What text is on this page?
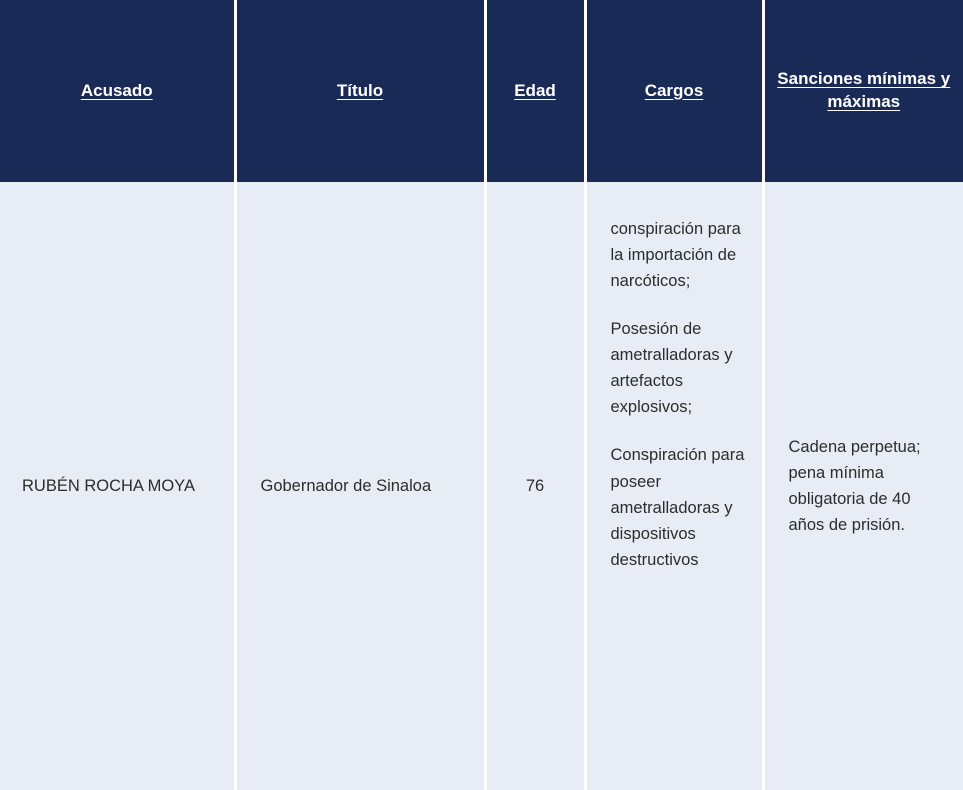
Acusado	Título	Edad	Cargos	Sanciones mínimas y máximas
RUBÉN ROCHA MOYA	Gobernador de Sinaloa	76	conspiración para la importación de narcóticos;

Posesión de ametralladoras y artefactos explosivos;

Conspiración para poseer ametralladoras y dispositivos destructivos	Cadena perpetua; pena mínima obligatoria de 40 años de prisión.
